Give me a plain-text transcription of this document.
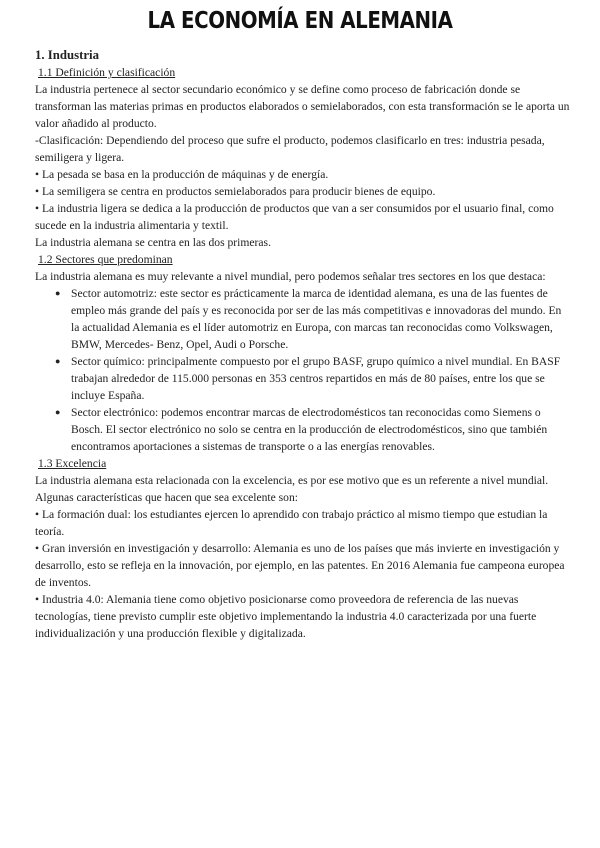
LA ECONOMÍA EN ALEMANIA

1. Industria

1.1 Definición y clasificación

La industria pertenece al sector secundario económico y se define como proceso de fabricación donde se transforman las materias primas en productos elaborados o semielaborados, con esta transformación se le aporta un valor añadido al producto.

-Clasificación: Dependiendo del proceso que sufre el producto, podemos clasificarlo en tres: industria pesada, semiligera y ligera.

• La pesada se basa en la producción de máquinas y de energía.

• La semiligera se centra en productos semielaborados para producir bienes de equipo.

• La industria ligera se dedica a la producción de productos que van a ser consumidos por el usuario final, como sucede en la industria alimentaria y textil.

La industria alemana se centra en las dos primeras.

1.2 Sectores que predominan

La industria alemana es muy relevante a nivel mundial, pero podemos señalar tres sectores en los que destaca:

● Sector automotriz: este sector es prácticamente la marca de identidad alemana, es una de las fuentes de empleo más grande del país y es reconocida por ser de las más competitivas e innovadoras del mundo. En la actualidad Alemania es el líder automotriz en Europa, con marcas tan reconocidas como Volkswagen, BMW, Mercedes- Benz, Opel, Audi o Porsche.
● Sector químico: principalmente compuesto por el grupo BASF, grupo químico a nivel mundial. En BASF trabajan alrededor de 115.000 personas en 353 centros repartidos en más de 80 países, entre los que se incluye España.
● Sector electrónico: podemos encontrar marcas de electrodomésticos tan reconocidas como Siemens o Bosch. El sector electrónico no solo se centra en la producción de electrodomésticos, sino que también encontramos aportaciones a sistemas de transporte o a las energías renovables.

1.3 Excelencia

La industria alemana esta relacionada con la excelencia, es por ese motivo que es un referente a nivel mundial. Algunas características que hacen que sea excelente son:

• La formación dual: los estudiantes ejercen lo aprendido con trabajo práctico al mismo tiempo que estudian la teoría.

• Gran inversión en investigación y desarrollo: Alemania es uno de los países que más invierte en investigación y desarrollo, esto se refleja en la innovación, por ejemplo, en las patentes. En 2016 Alemania fue campeona europea de inventos.

• Industria 4.0: Alemania tiene como objetivo posicionarse como proveedora de referencia de las nuevas tecnologías, tiene previsto cumplir este objetivo implementando la industria 4.0 caracterizada por una fuerte individualización y una producción flexible y digitalizada.
